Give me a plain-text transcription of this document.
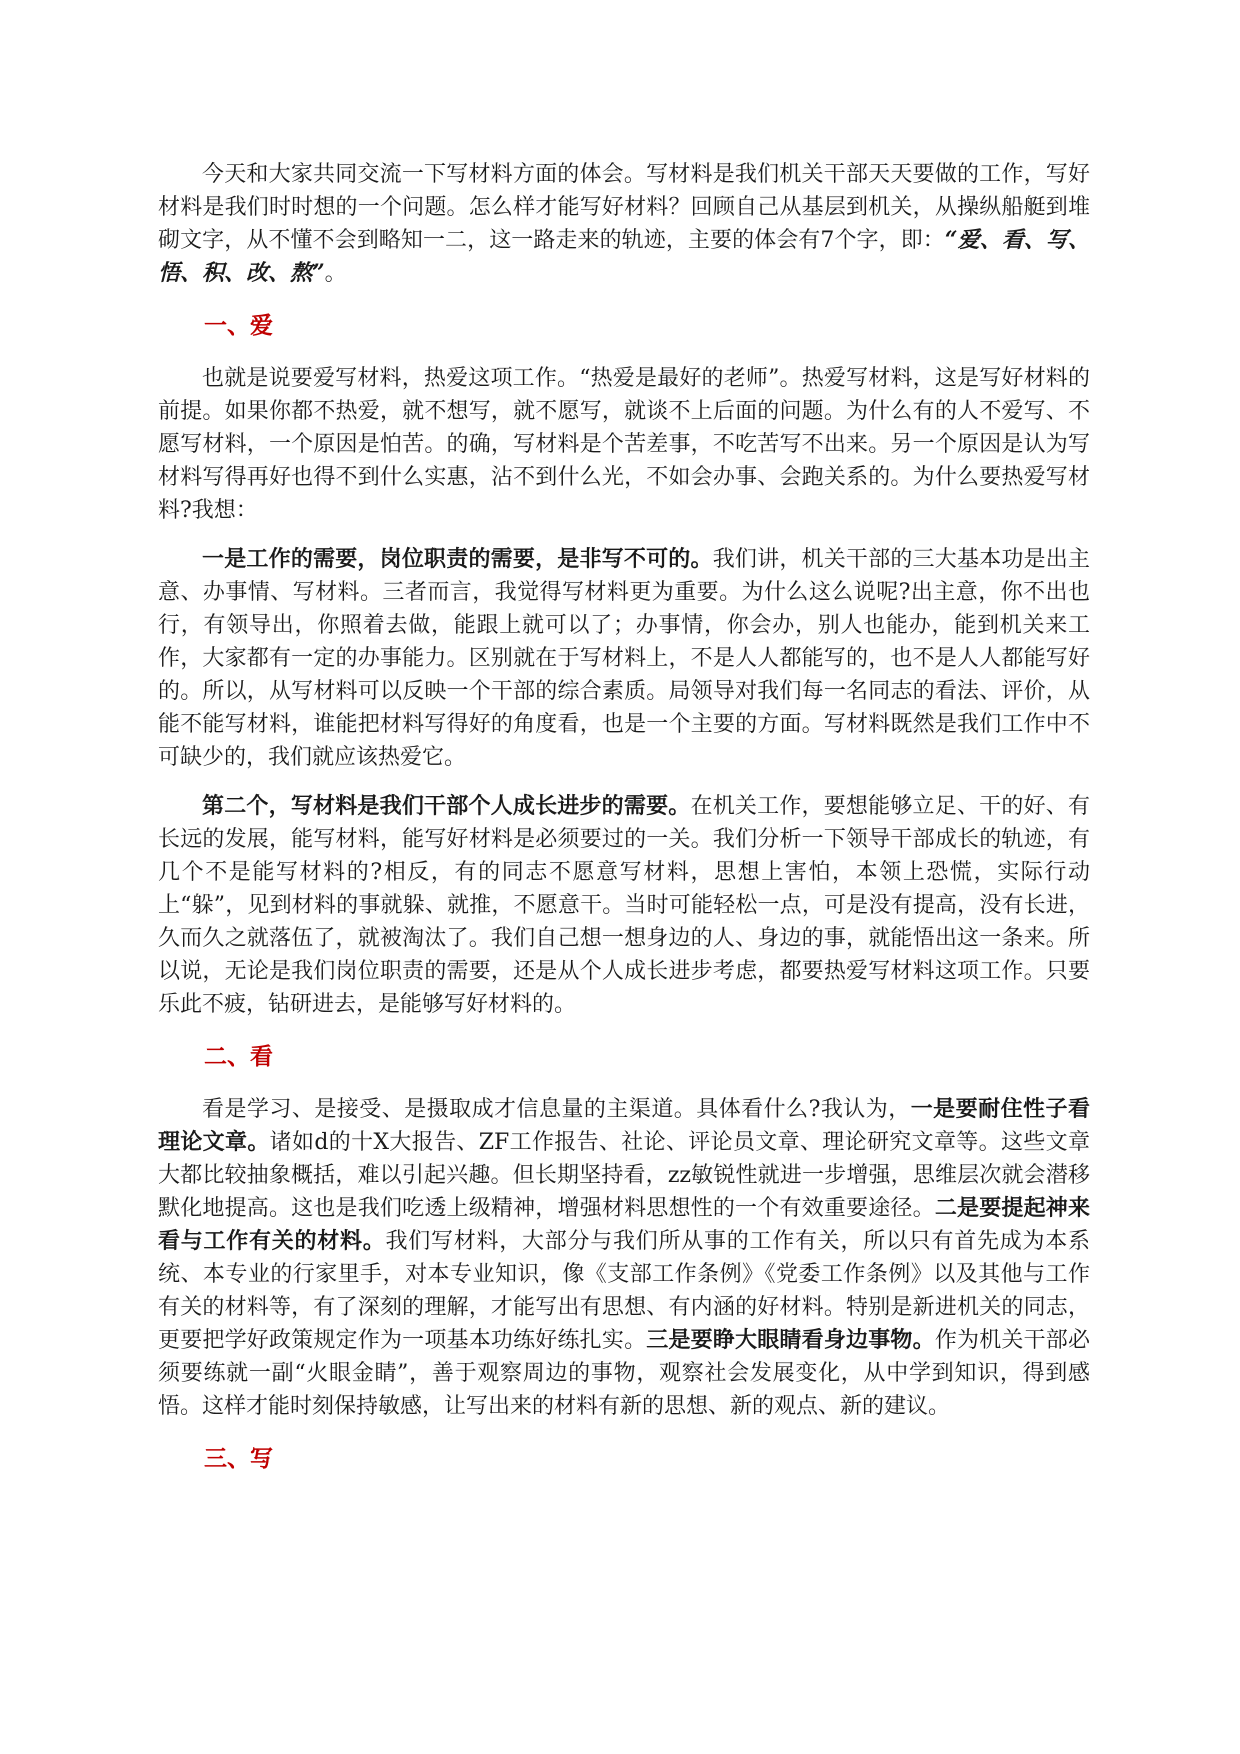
今天和大家共同交流一下写材料方面的体会。写材料是我们机关干部天天要做的工作，写好材料是我们时时想的一个问题。怎么样才能写好材料？回顾自己从基层到机关，从操纵船艇到堆砌文字，从不懂不会到略知一二，这一路走来的轨迹，主要的体会有7个字，即：“爱、看、写、悟、积、改、熬”。

一、爱

也就是说要爱写材料，热爱这项工作。“热爱是最好的老师”。热爱写材料，这是写好材料的前提。如果你都不热爱，就不想写，就不愿写，就谈不上后面的问题。为什么有的人不爱写、不愿写材料，一个原因是怕苦。的确，写材料是个苦差事，不吃苦写不出来。另一个原因是认为写材料写得再好也得不到什么实惠，沾不到什么光，不如会办事、会跑关系的。为什么要热爱写材料?我想：

一是工作的需要，岗位职责的需要，是非写不可的。我们讲，机关干部的三大基本功是出主意、办事情、写材料。三者而言，我觉得写材料更为重要。为什么这么说呢?出主意，你不出也行，有领导出，你照着去做，能跟上就可以了；办事情，你会办，别人也能办，能到机关来工作，大家都有一定的办事能力。区别就在于写材料上，不是人人都能写的，也不是人人都能写好的。所以，从写材料可以反映一个干部的综合素质。局领导对我们每一名同志的看法、评价，从能不能写材料，谁能把材料写得好的角度看，也是一个主要的方面。写材料既然是我们工作中不可缺少的，我们就应该热爱它。

第二个，写材料是我们干部个人成长进步的需要。在机关工作，要想能够立足、干的好、有长远的发展，能写材料，能写好材料是必须要过的一关。我们分析一下领导干部成长的轨迹，有几个不是能写材料的?相反，有的同志不愿意写材料，思想上害怕，本领上恐慌，实际行动上“躲”，见到材料的事就躲、就推，不愿意干。当时可能轻松一点，可是没有提高，没有长进，久而久之就落伍了，就被淘汰了。我们自己想一想身边的人、身边的事，就能悟出这一条来。所以说，无论是我们岗位职责的需要，还是从个人成长进步考虑，都要热爱写材料这项工作。只要乐此不疲，钻研进去，是能够写好材料的。

二、看

看是学习、是接受、是摄取成才信息量的主渠道。具体看什么?我认为，一是要耐住性子看理论文章。诸如d的十X大报告、ZF工作报告、社论、评论员文章、理论研究文章等。这些文章大都比较抽象概括，难以引起兴趣。但长期坚持看，zz敏锐性就进一步增强，思维层次就会潜移默化地提高。这也是我们吃透上级精神，增强材料思想性的一个有效重要途径。二是要提起神来看与工作有关的材料。我们写材料，大部分与我们所从事的工作有关，所以只有首先成为本系统、本专业的行家里手，对本专业知识，像《支部工作条例》《党委工作条例》以及其他与工作有关的材料等，有了深刻的理解，才能写出有思想、有内涵的好材料。特别是新进机关的同志，更要把学好政策规定作为一项基本功练好练扎实。三是要睁大眼睛看身边事物。作为机关干部必须要练就一副“火眼金睛”，善于观察周边的事物，观察社会发展变化，从中学到知识，得到感悟。这样才能时刻保持敏感，让写出来的材料有新的思想、新的观点、新的建议。

三、写
